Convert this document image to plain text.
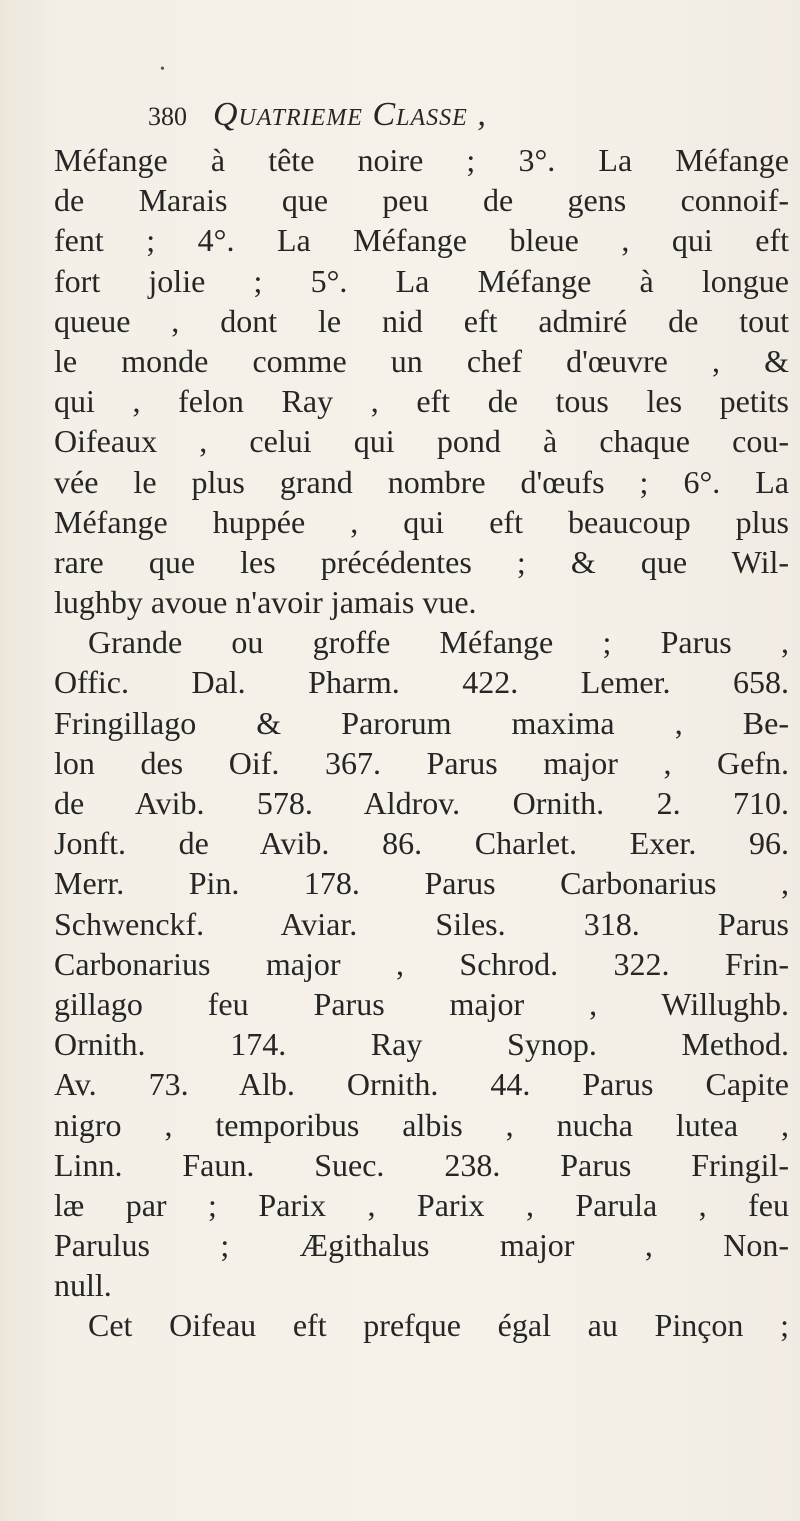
•
380 Quatrieme Classe ,
Méfange à tête noire ; 3°. La Méfange
de Marais que peu de gens connoif-
fent ; 4°. La Méfange bleue , qui eft
fort jolie ; 5°. La Méfange à longue
queue , dont le nid eft admiré de tout
le monde comme un chef d'œuvre , &
qui , felon Ray , eft de tous les petits
Oifeaux , celui qui pond à chaque cou-
vée le plus grand nombre d'œufs ; 6°. La
Méfange huppée , qui eft beaucoup plus
rare que les précédentes ; & que Wil-
lughby avoue n'avoir jamais vue.
Grande ou groffe Méfange ; Parus ,
Offic. Dal. Pharm. 422. Lemer. 658.
Fringillago & Parorum maxima , Be-
lon des Oif. 367. Parus major , Gefn.
de Avib. 578. Aldrov. Ornith. 2. 710.
Jonft. de Avib. 86. Charlet. Exer. 96.
Merr. Pin. 178. Parus Carbonarius ,
Schwenckf. Aviar. Siles. 318. Parus
Carbonarius major , Schrod. 322. Frin-
gillago feu Parus major , Willughb.
Ornith. 174. Ray Synop. Method.
Av. 73. Alb. Ornith. 44. Parus Capite
nigro , temporibus albis , nucha lutea ,
Linn. Faun. Suec. 238. Parus Fringil-
læ par ; Parix , Parix , Parula , feu
Parulus ; Ægithalus major , Non-
null.
Cet Oifeau eft prefque égal au Pinçon ;
